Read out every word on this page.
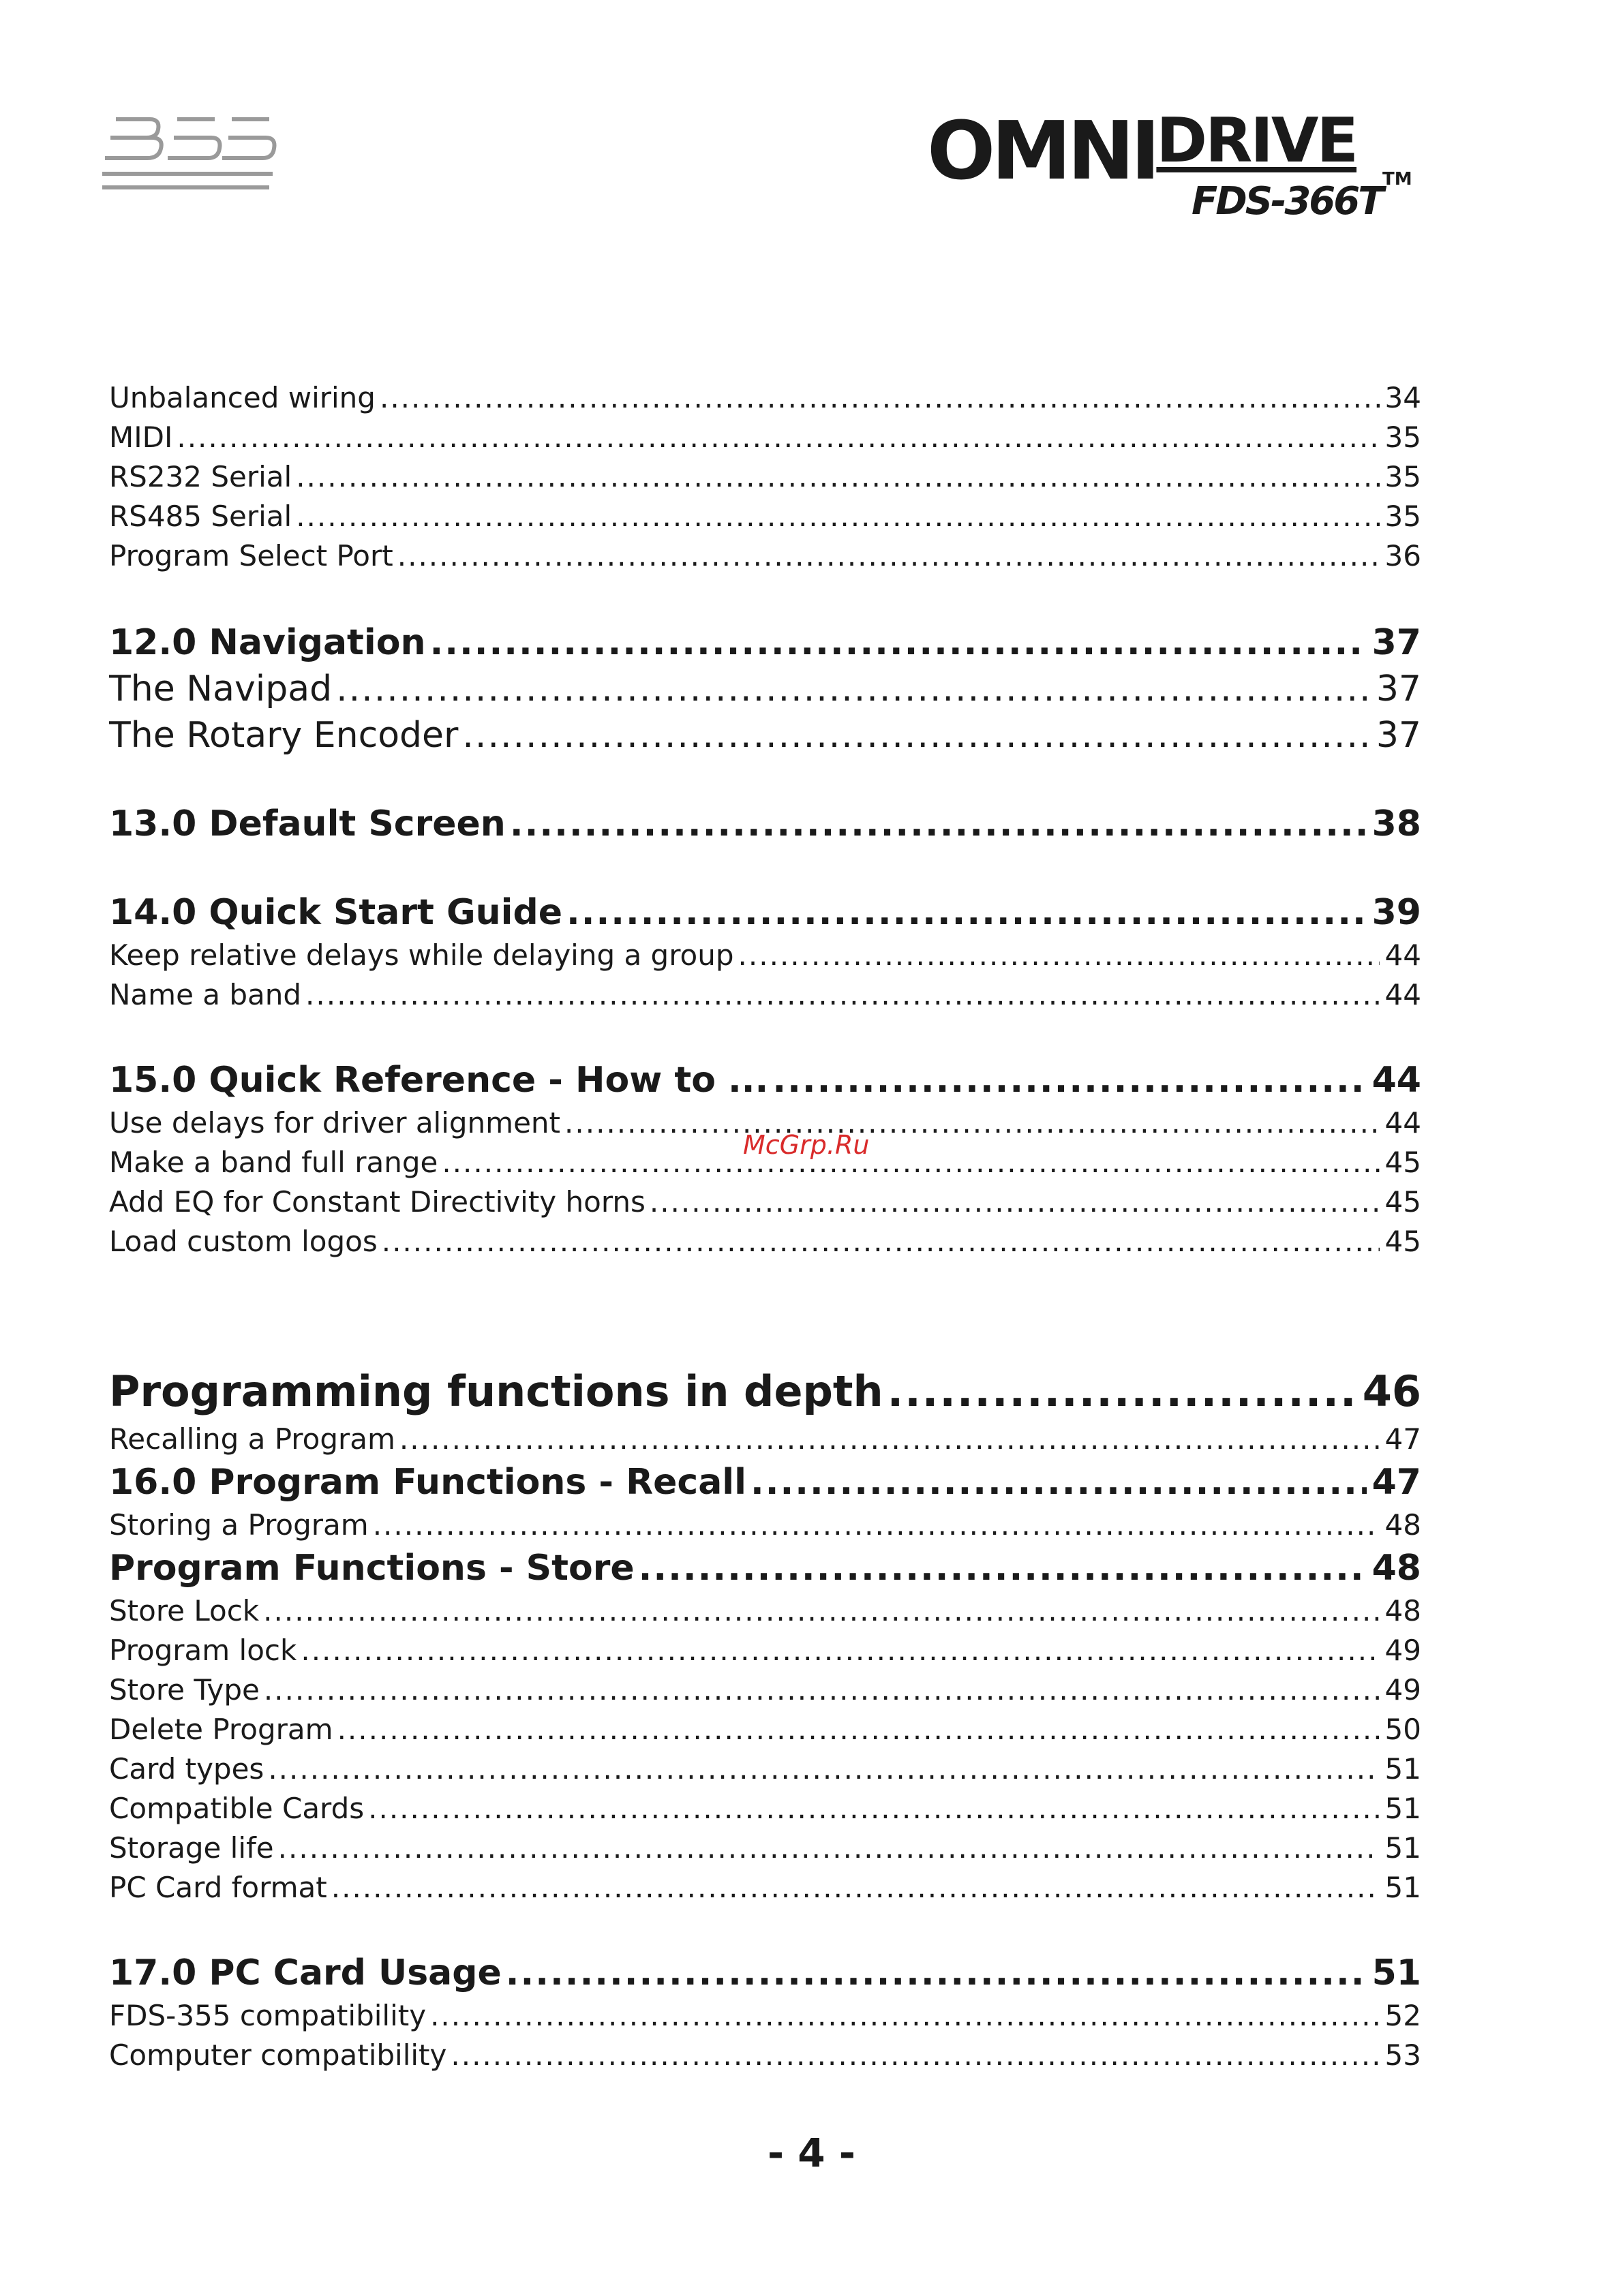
$OMNI^{DRIVE}$
TM
FDS-366T
Unbalanced wiring .....	34
MIDI .....	35
RS232 Serial .....	35
RS485 Serial .....	35
Program Select Port .....	36
12.0 Navigation .....	37
The Navipad .....	37
The Rotary Encoder .....	37
13.0 Default Screen .....	38
14.0 Quick Start Guide .....	39
Keep relative delays while delaying a group .....	44
Name a band .....	44
15.0 Quick Reference - How to ... .....	44
Use delays for driver alignment .....	44
Make a band full range .....	45
Add EQ for Constant Directivity horns .....	45
Load custom logos .....	45
Programming functions in depth .....	46
Recalling a Program .....	47
16.0 Program Functions - Recall .....	47
Storing a Program .....	48
Program Functions - Store .....	48
Store Lock .....	48
Program lock .....	49
Store Type .....	49
Delete Program .....	50
Card types .....	51
Compatible Cards .....	51
Storage life .....	51
PC Card format .....	51
17.0 PC Card Usage .....	51
FDS-355 compatibility .....	52
Computer compatibility .....	53
McGrp.Ru
- 4 -
